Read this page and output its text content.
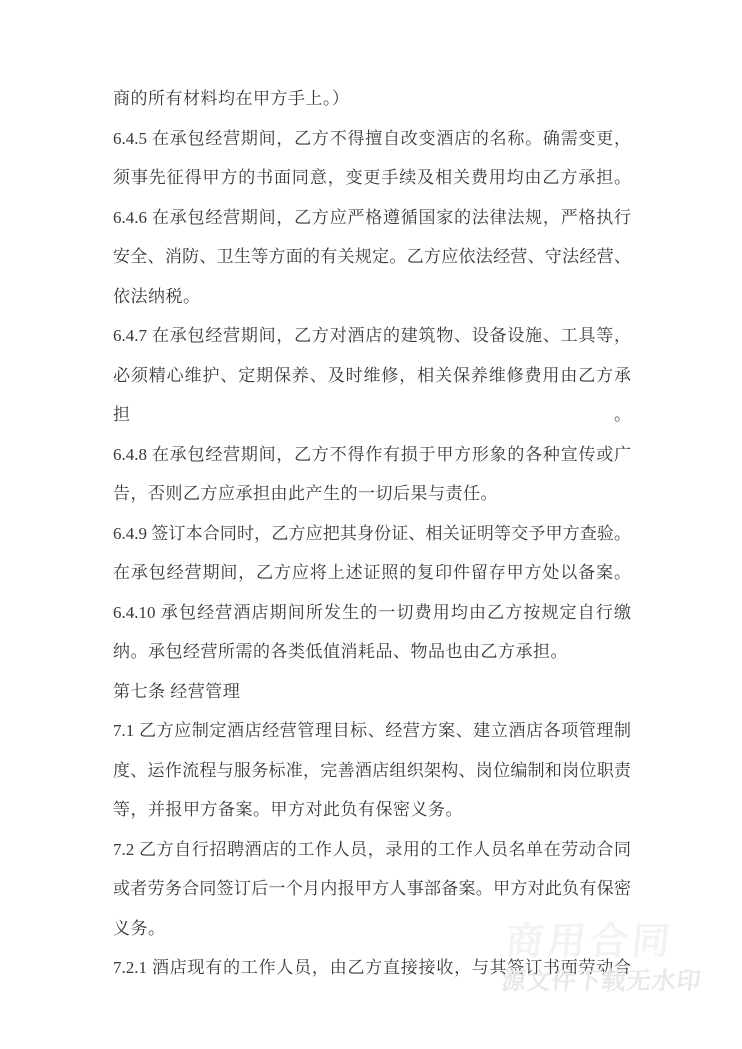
商的所有材料均在甲方手上。）
6.4.5 在承包经营期间，乙方不得擅自改变酒店的名称。确需变更，
须事先征得甲方的书面同意，变更手续及相关费用均由乙方承担。
6.4.6 在承包经营期间，乙方应严格遵循国家的法律法规，严格执行
安全、消防、卫生等方面的有关规定。乙方应依法经营、守法经营、
依法纳税。
6.4.7 在承包经营期间，乙方对酒店的建筑物、设备设施、工具等，
必须精心维护、定期保养、及时维修，相关保养维修费用由乙方承担。
6.4.8 在承包经营期间，乙方不得作有损于甲方形象的各种宣传或广
告，否则乙方应承担由此产生的一切后果与责任。
6.4.9 签订本合同时，乙方应把其身份证、相关证明等交予甲方查验。
在承包经营期间，乙方应将上述证照的复印件留存甲方处以备案。
6.4.10 承包经营酒店期间所发生的一切费用均由乙方按规定自行缴
纳。承包经营所需的各类低值消耗品、物品也由乙方承担。
第七条 经营管理
7.1 乙方应制定酒店经营管理目标、经营方案、建立酒店各项管理制
度、运作流程与服务标准，完善酒店组织架构、岗位编制和岗位职责
等，并报甲方备案。甲方对此负有保密义务。
7.2 乙方自行招聘酒店的工作人员，录用的工作人员名单在劳动合同
或者劳务合同签订后一个月内报甲方人事部备案。甲方对此负有保密
义务。
7.2.1 酒店现有的工作人员，由乙方直接接收，与其签订书面劳动合
商用合同
源文件下载无水印
